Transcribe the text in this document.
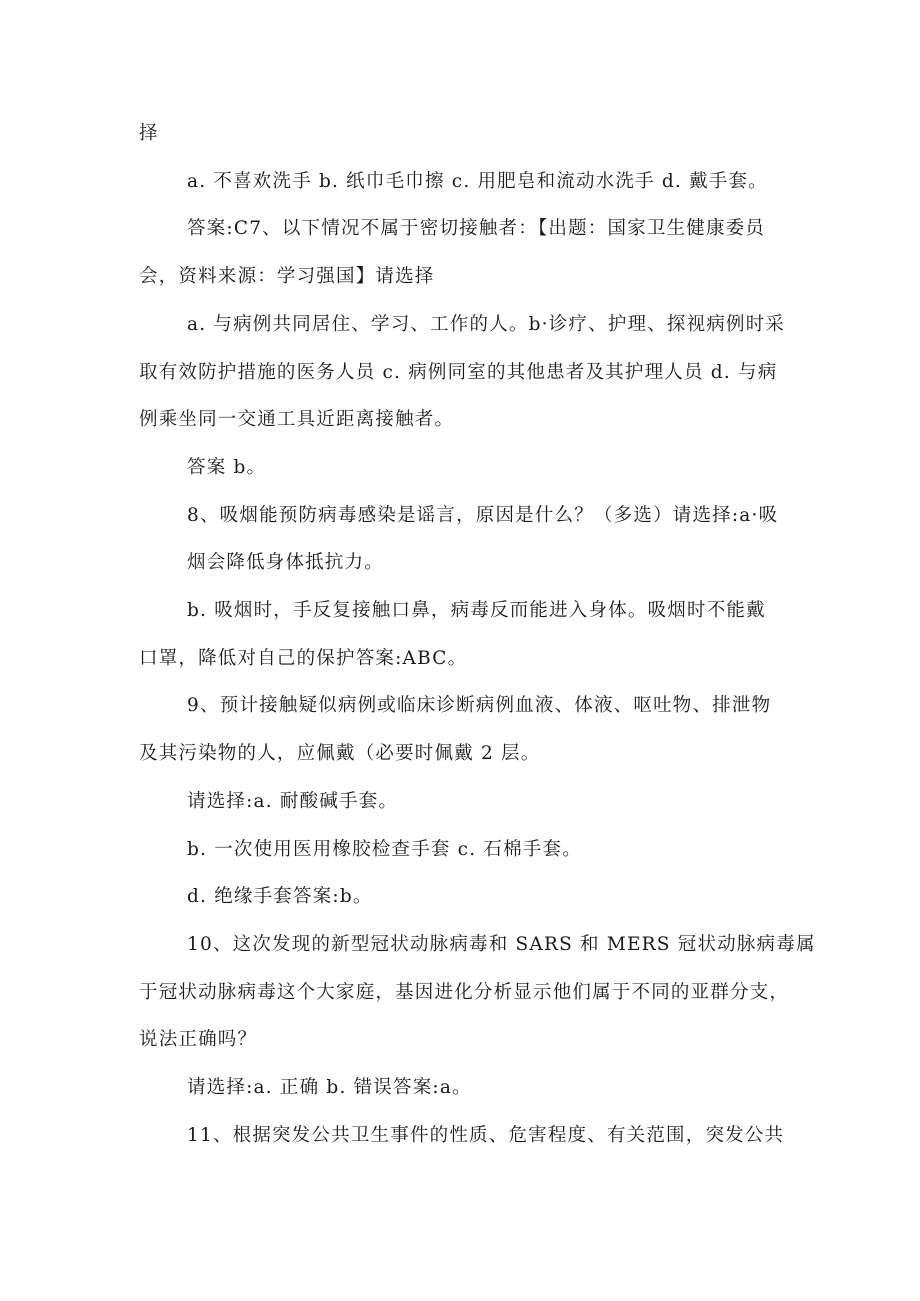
择

a. 不喜欢洗手 b. 纸巾毛巾擦 c. 用肥皂和流动水洗手 d. 戴手套。

答案:C7、以下情况不属于密切接触者：【出题：国家卫生健康委员

会，资料来源：学习强国】请选择

a. 与病例共同居住、学习、工作的人。b·诊疗、护理、探视病例时采

取有效防护措施的医务人员 c. 病例同室的其他患者及其护理人员 d. 与病

例乘坐同一交通工具近距离接触者。

答案 b。

8、吸烟能预防病毒感染是谣言，原因是什么？（多选）请选择:a·吸

烟会降低身体抵抗力。

b. 吸烟时，手反复接触口鼻，病毒反而能进入身体。吸烟时不能戴

口罩，降低对自己的保护答案:ABC。

9、预计接触疑似病例或临床诊断病例血液、体液、呕吐物、排泄物

及其污染物的人，应佩戴（必要时佩戴 2 层。

请选择:a. 耐酸碱手套。

b. 一次使用医用橡胶检查手套 c. 石棉手套。

d. 绝缘手套答案:b。

10、这次发现的新型冠状动脉病毒和 SARS 和 MERS 冠状动脉病毒属

于冠状动脉病毒这个大家庭，基因进化分析显示他们属于不同的亚群分支，

说法正确吗？

请选择:a. 正确 b. 错误答案:a。

11、根据突发公共卫生事件的性质、危害程度、有关范围，突发公共
